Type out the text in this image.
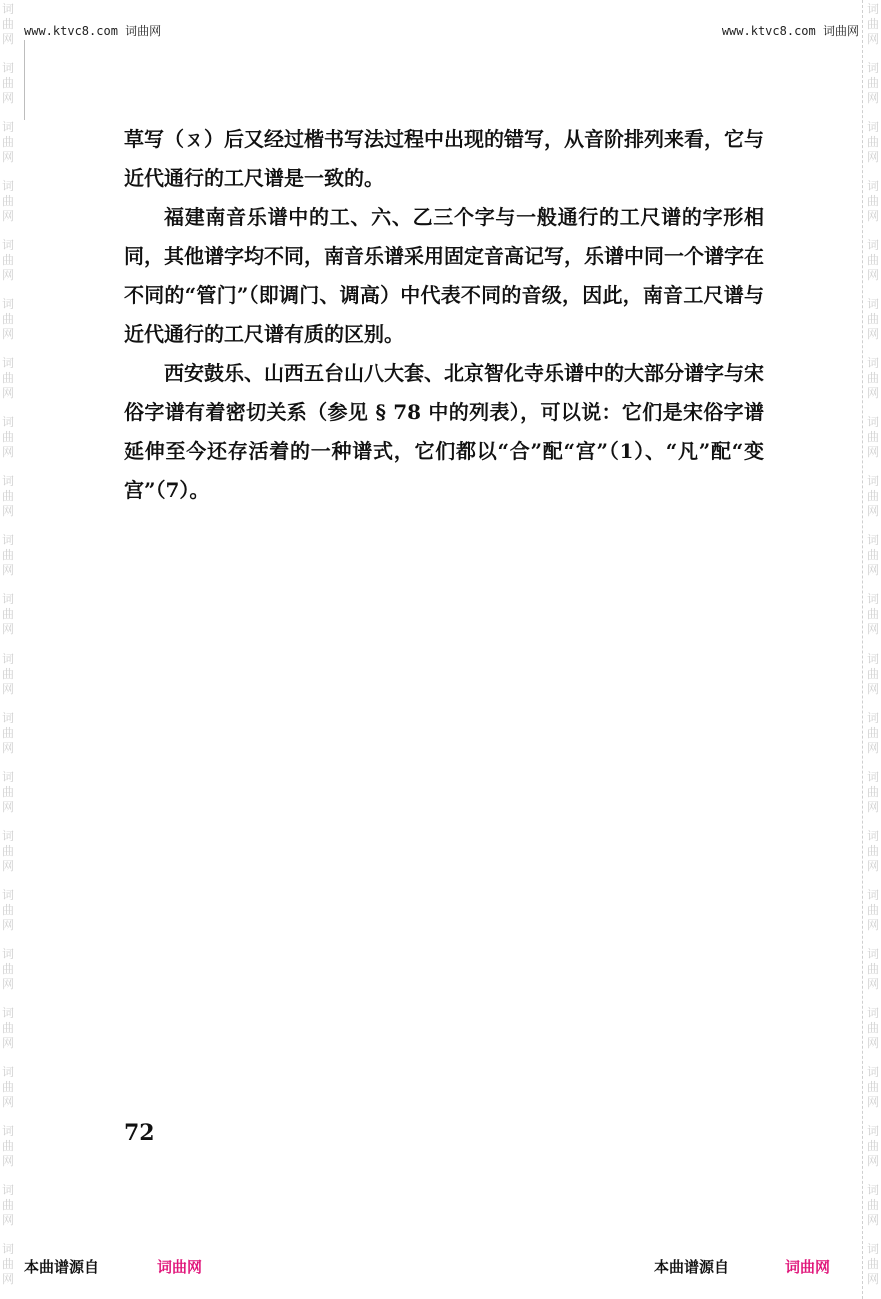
词
曲
网
词
曲
网
词
曲
网
词
曲
网
词
曲
网
词
曲
网
词
曲
网
词
曲
网
词
曲
网
词
曲
网
词
曲
网
词
曲
网
词
曲
网
词
曲
网
词
曲
网
词
曲
网
词
曲
网
词
曲
网
词
曲
网
词
曲
网
词
曲
网
词
曲
网
词
曲
网
词
曲
网
词
曲
网
词
曲
网
词
曲
网
词
曲
网
词
曲
网
词
曲
网
词
曲
网
词
曲
网
词
曲
网
词
曲
网
词
曲
网
词
曲
网
词
曲
网
词
曲
网
词
曲
网
词
曲
网
词
曲
网
词
曲
网
词
曲
网
词
曲
网
www.ktvc8.com 词曲网	www.ktvc8.com 词曲网

草写（ㄡ）后又经过楷书写法过程中出现的错写，从音阶排列来看，它与近代通行的工尺谱是一致的。

福建南音乐谱中的工、六、乙三个字与一般通行的工尺谱的字形相同，其他谱字均不同，南音乐谱采用固定音高记写，乐谱中同一个谱字在不同的“管门”（即调门、调高）中代表不同的音级，因此，南音工尺谱与近代通行的工尺谱有质的区别。

西安鼓乐、山西五台山八大套、北京智化寺乐谱中的大部分谱字与宋俗字谱有着密切关系（参见 § 78 中的列表），可以说：它们是宋俗字谱延伸至今还存活着的一种谱式，它们都以“合”配“宫”（1）、“凡”配“变宫”（7）。

72
本曲谱源自	词曲网	本曲谱源自	词曲网
